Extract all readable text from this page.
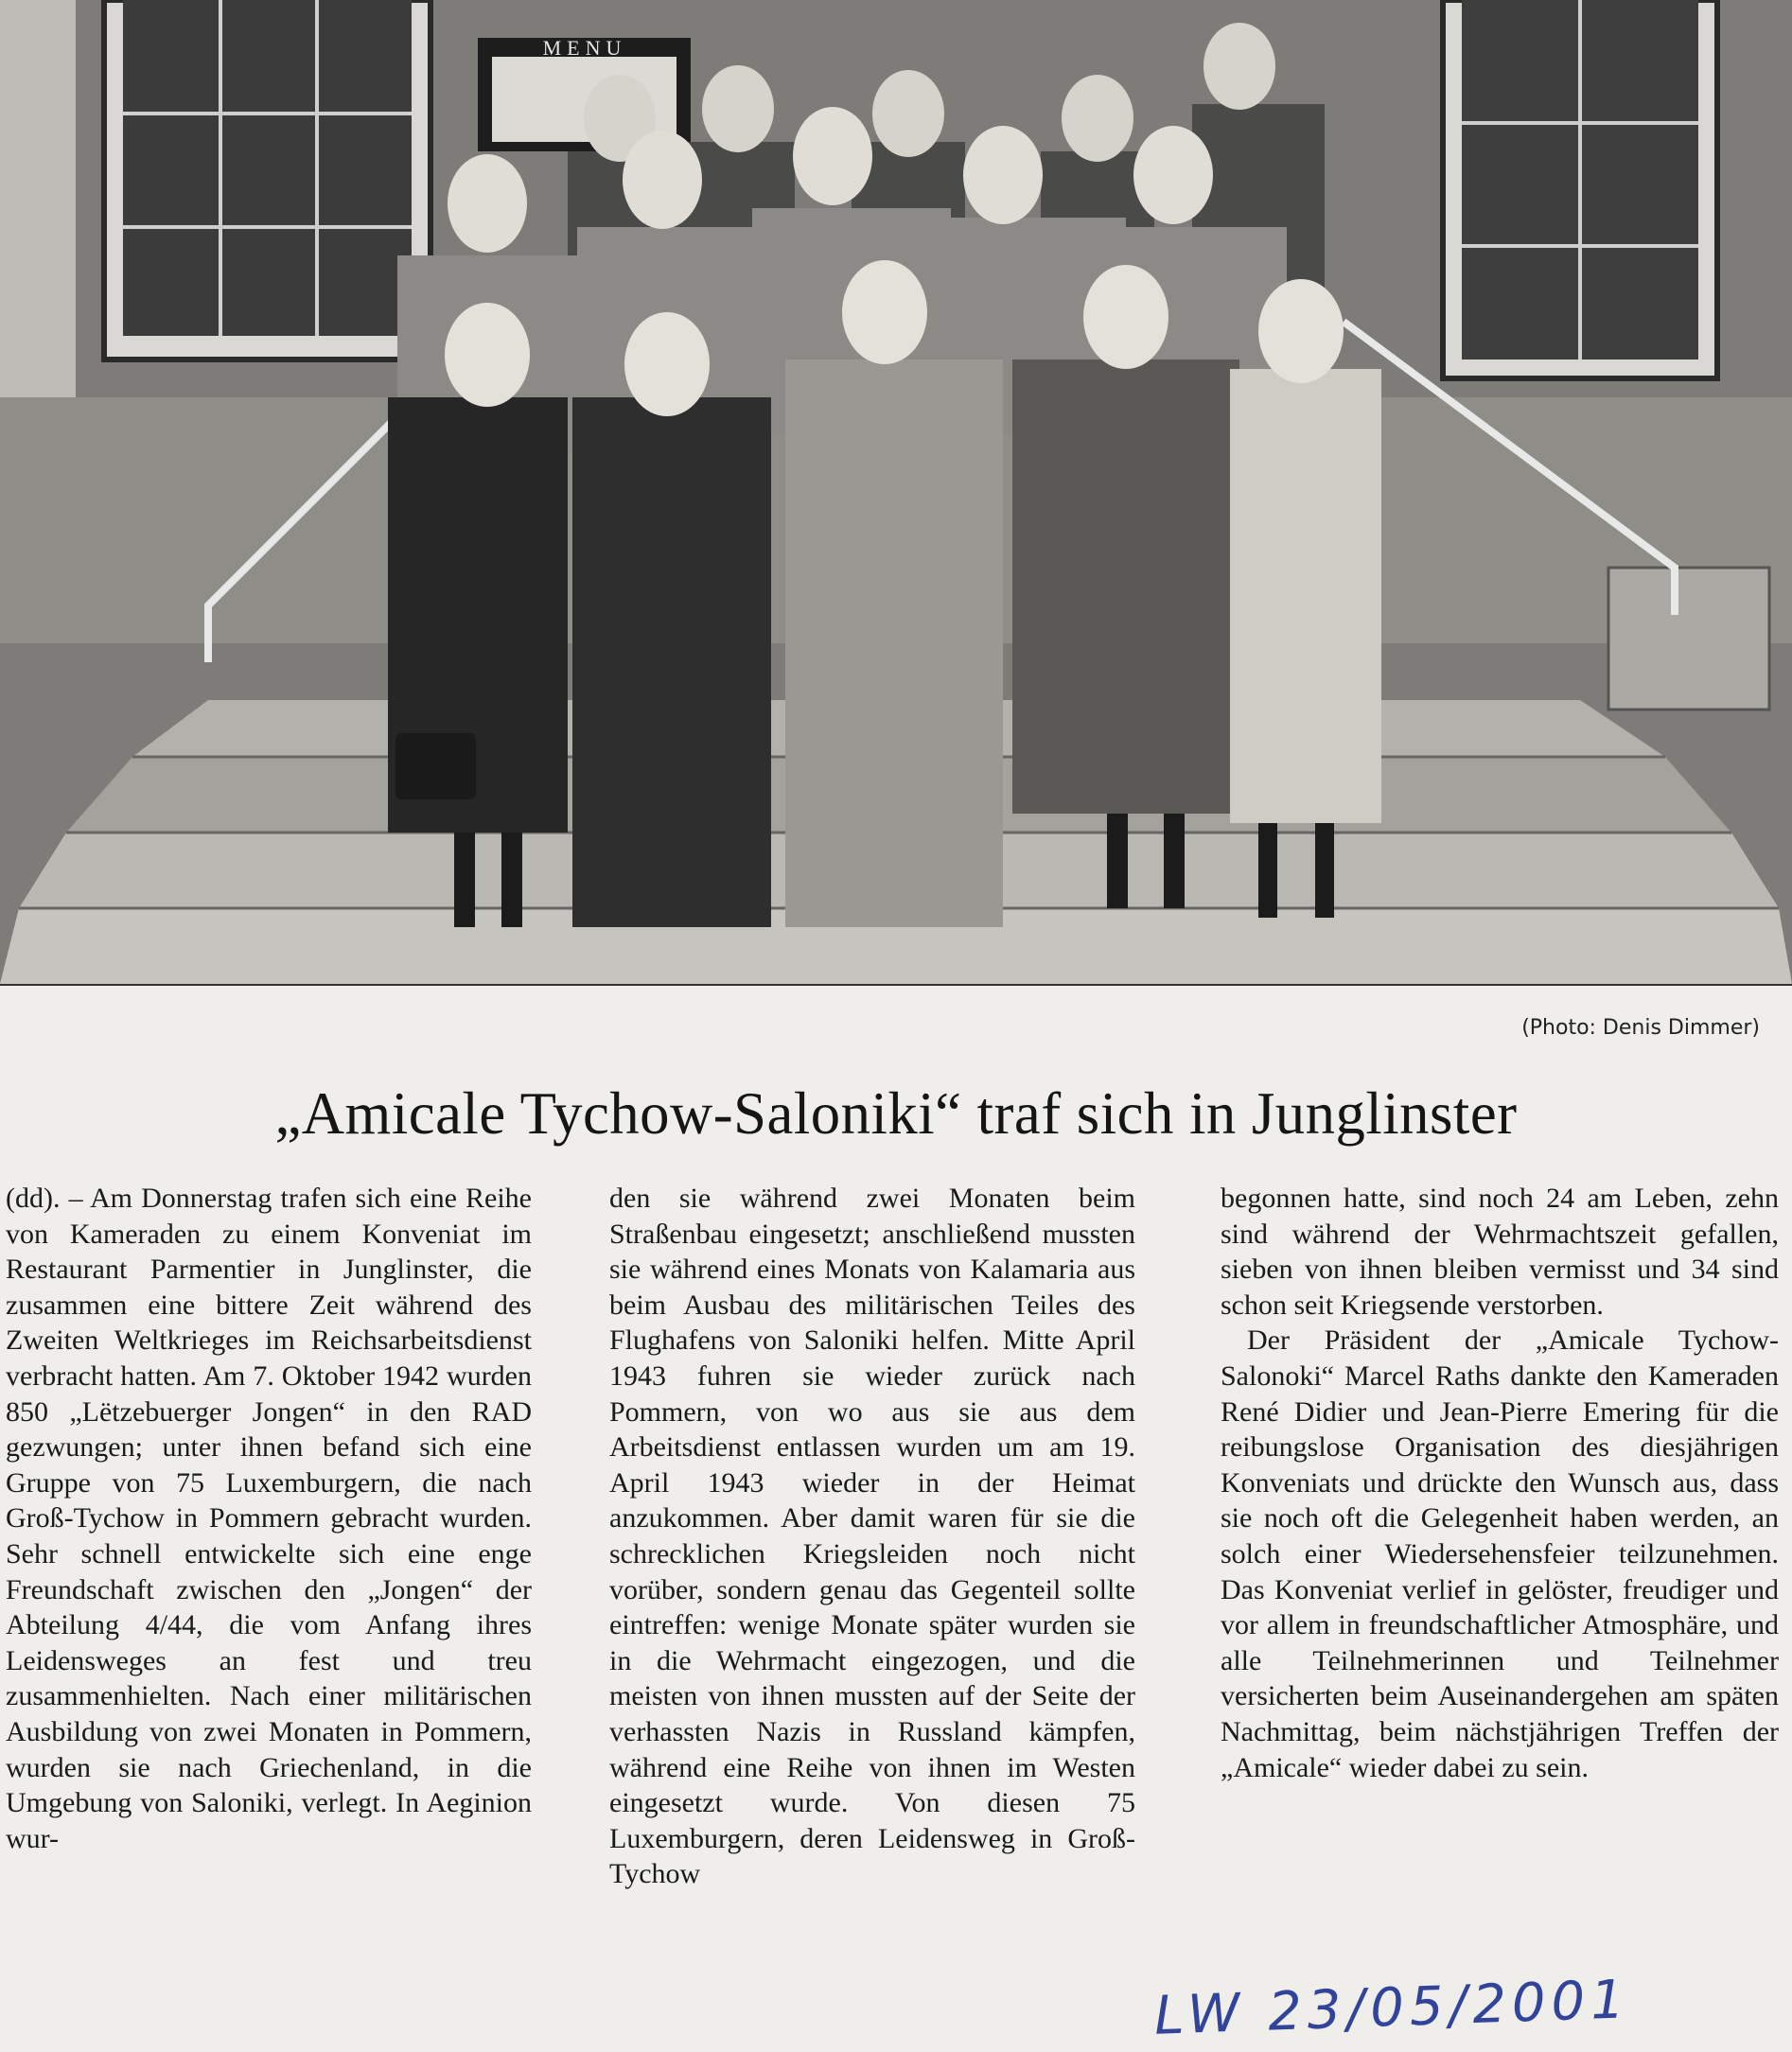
MENU
(Photo: Denis Dimmer)
„Amicale Tychow-Saloniki“ traf sich in Junglinster

(dd). – Am Donnerstag trafen sich eine Reihe von Kameraden zu einem Konveniat im Restaurant Parmentier in Junglinster, die zusammen eine bittere Zeit während des Zweiten Weltkrieges im Reichsarbeitsdienst verbracht hatten. Am 7. Oktober 1942 wurden 850 „Lëtzebuerger Jongen“ in den RAD gezwungen; unter ihnen befand sich eine Gruppe von 75 Luxemburgern, die nach Groß-Tychow in Pommern gebracht wurden. Sehr schnell entwickelte sich eine enge Freundschaft zwischen den „Jongen“ der Abteilung 4/44, die vom Anfang ihres Leidensweges an fest und treu zusammenhielten. Nach einer militärischen Ausbildung von zwei Monaten in Pommern, wurden sie nach Griechenland, in die Umgebung von Saloniki, verlegt. In Aeginion wur-

den sie während zwei Monaten beim Straßenbau eingesetzt; anschließend mussten sie während eines Monats von Kalamaria aus beim Ausbau des militärischen Teiles des Flughafens von Saloniki helfen. Mitte April 1943 fuhren sie wieder zurück nach Pommern, von wo aus sie aus dem Arbeitsdienst entlassen wurden um am 19. April 1943 wieder in der Heimat anzukommen. Aber damit waren für sie die schrecklichen Kriegsleiden noch nicht vorüber, sondern genau das Gegenteil sollte eintreffen: wenige Monate später wurden sie in die Wehrmacht eingezogen, und die meisten von ihnen mussten auf der Seite der verhassten Nazis in Russland kämpfen, während eine Reihe von ihnen im Westen eingesetzt wurde. Von diesen 75 Luxemburgern, deren Leidensweg in Groß-Tychow

begonnen hatte, sind noch 24 am Leben, zehn sind während der Wehrmachtszeit gefallen, sieben von ihnen bleiben vermisst und 34 sind schon seit Kriegsende verstorben.

Der Präsident der „Amicale Tychow-Salonoki“ Marcel Raths dankte den Kameraden René Didier und Jean-Pierre Emering für die reibungslose Organisation des diesjährigen Konveniats und drückte den Wunsch aus, dass sie noch oft die Gelegenheit haben werden, an solch einer Wiedersehensfeier teilzunehmen. Das Konveniat verlief in gelöster, freudiger und vor allem in freundschaftlicher Atmosphäre, und alle Teilnehmerinnen und Teilnehmer versicherten beim Auseinandergehen am späten Nachmittag, beim nächstjährigen Treffen der „Amicale“ wieder dabei zu sein.

LW 23/05/2001
